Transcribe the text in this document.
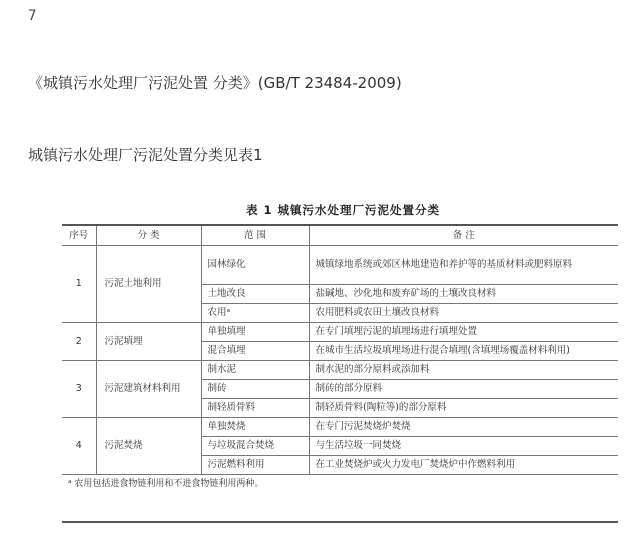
7
《城镇污水处理厂污泥处置 分类》(GB/T 23484-2009)
城镇污水处理厂污泥处置分类见表1
表 1 城镇污水处理厂污泥处置分类
序号	分 类	范 围	备 注
1	污泥土地利用	园林绿化	城镇绿地系统或郊区林地建造和养护等的基质材料或肥料原料
		土地改良	盐碱地、沙化地和废弃矿场的土壤改良材料
		农用ᵃ	农用肥料或农田土壤改良材料
2	污泥填埋	单独填埋	在专门填埋污泥的填埋场进行填埋处置
		混合填埋	在城市生活垃圾填埋场进行混合填埋(含填埋场覆盖材料利用)
3	污泥建筑材料利用	制水泥	制水泥的部分原料或添加料
		制砖	制砖的部分原料
		制轻质骨料	制轻质骨料(陶粒等)的部分原料
4	污泥焚烧	单独焚烧	在专门污泥焚烧炉焚烧
		与垃圾混合焚烧	与生活垃圾一同焚烧
		污泥燃料利用	在工业焚烧炉或火力发电厂焚烧炉中作燃料利用
ᵃ 农用包括进食物链利用和不进食物链利用两种。			
